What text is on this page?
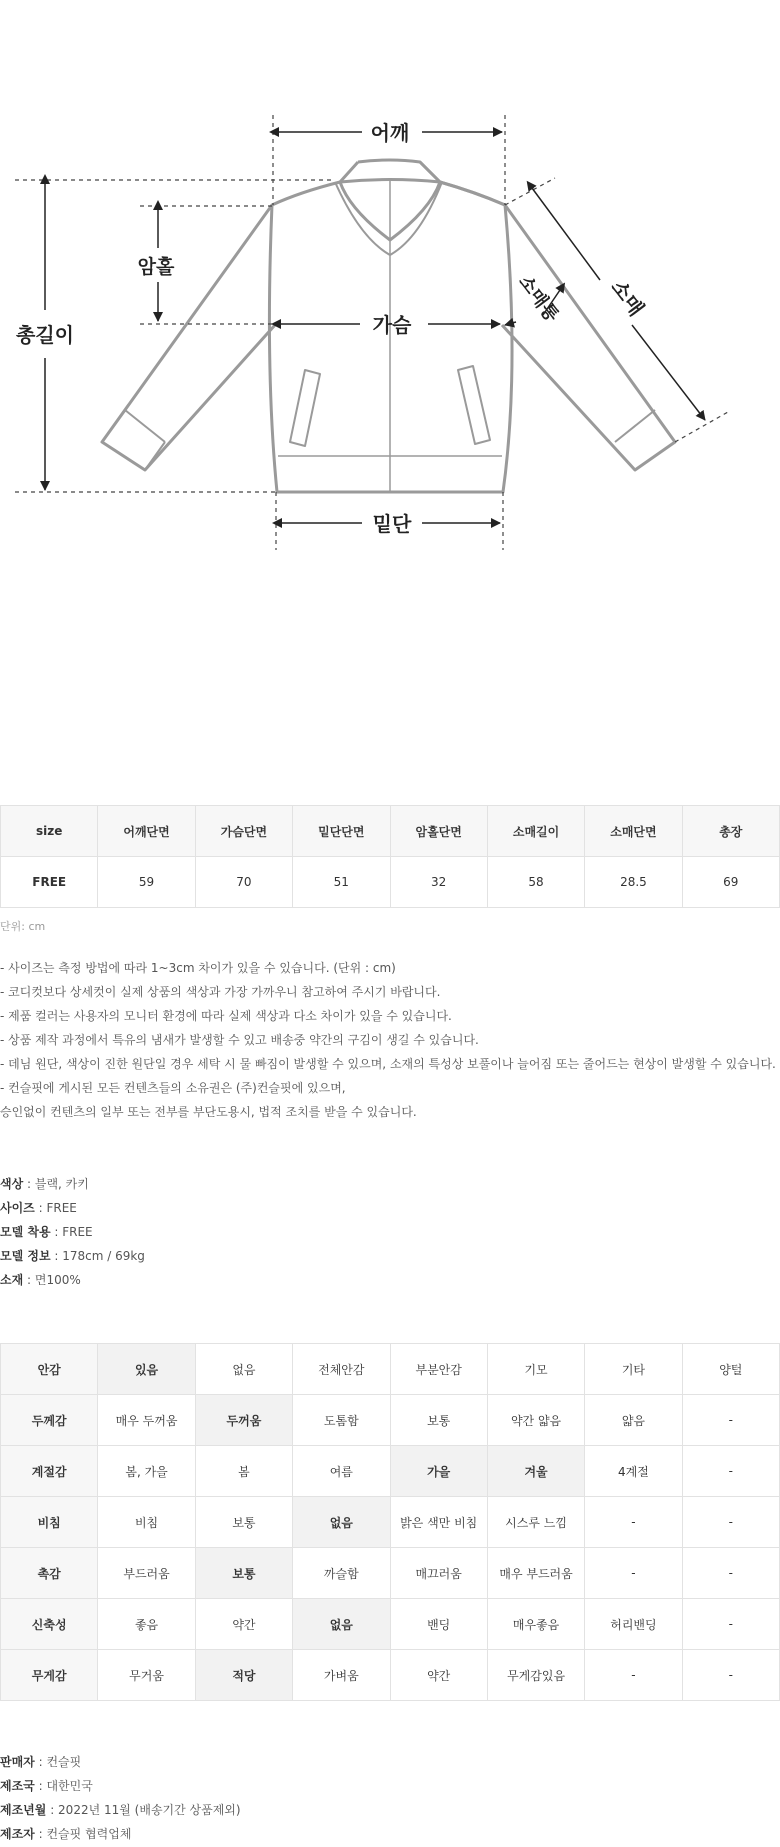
어깨
총길이
암홀
가슴
밑단
소매
소매통
size	어깨단면	가슴단면	밑단단면	암홀단면	소매길이	소매단면	총장
FREE	59	70	51	32	58	28.5	69
단위: cm
- 사이즈는 측정 방법에 따라 1~3cm 차이가 있을 수 있습니다. (단위 : cm)
- 코디컷보다 상세컷이 실제 상품의 색상과 가장 가까우니 참고하여 주시기 바랍니다.
- 제품 컬러는 사용자의 모니터 환경에 따라 실제 색상과 다소 차이가 있을 수 있습니다.
- 상품 제작 과정에서 특유의 냄새가 발생할 수 있고 배송중 약간의 구김이 생길 수 있습니다.
- 데님 원단, 색상이 진한 원단일 경우 세탁 시 물 빠짐이 발생할 수 있으며, 소재의 특성상 보풀이나 늘어짐 또는 줄어드는 현상이 발생할 수 있습니다.
- 컨슬핏에 게시된 모든 컨텐츠들의 소유권은 (주)컨슬핏에 있으며,
승인없이 컨텐츠의 일부 또는 전부를 부단도용시, 법적 조치를 받을 수 있습니다.
색상 : 블랙, 카키
사이즈 : FREE
모델 착용 : FREE
모델 정보 : 178cm / 69kg
소재 : 면100%
안감	있음	없음	전체안감	부분안감	기모	기타	양털
두께감	매우 두꺼움	두꺼움	도톰함	보통	약간 얇음	얇음	-
계절감	봄, 가을	봄	여름	가을	겨울	4계절	-
비침	비침	보통	없음	밝은 색만 비침	시스루 느낌	-	-
촉감	부드러움	보통	까슬함	매끄러움	매우 부드러움	-	-
신축성	좋음	약간	없음	밴딩	매우좋음	허리밴딩	-
무게감	무거움	적당	가벼움	약간	무게감있음	-	-
판매자 : 컨슬핏
제조국 : 대한민국
제조년월 : 2022년 11월 (배송기간 상품제외)
제조자 : 컨슬핏 협력업체
